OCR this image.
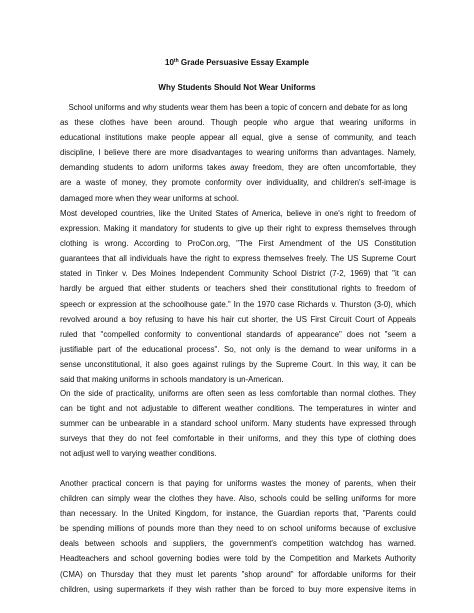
10th Grade Persuasive Essay Example
Why Students Should Not Wear Uniforms
School uniforms and why students wear them has been a topic of concern and debate for as long
as these clothes have been around. Though people who argue that wearing uniforms in
educational institutions make people appear all equal, give a sense of community, and teach
discipline, I believe there are more disadvantages to wearing uniforms than advantages. Namely,
demanding students to adorn uniforms takes away freedom, they are often uncomfortable, they
are a waste of money, they promote conformity over individuality, and children's self-image is
damaged more when they wear uniforms at school.
Most developed countries, like the United States of America, believe in one's right to freedom of
expression. Making it mandatory for students to give up their right to express themselves through
clothing is wrong. According to ProCon.org, "The First Amendment of the US Constitution
guarantees that all individuals have the right to express themselves freely. The US Supreme Court
stated in Tinker v. Des Moines Independent Community School District (7-2, 1969) that "it can
hardly be argued that either students or teachers shed their constitutional rights to freedom of
speech or expression at the schoolhouse gate." In the 1970 case Richards v. Thurston (3-0), which
revolved around a boy refusing to have his hair cut shorter, the US First Circuit Court of Appeals
ruled that "compelled conformity to conventional standards of appearance" does not "seem a
justifiable part of the educational process". So, not only is the demand to wear uniforms in a
sense unconstitutional, it also goes against rulings by the Supreme Court. In this way, it can be
said that making uniforms in schools mandatory is un-American.
On the side of practicality, uniforms are often seen as less comfortable than normal clothes. They
can be tight and not adjustable to different weather conditions. The temperatures in winter and
summer can be unbearable in a standard school uniform. Many students have expressed through
surveys that they do not feel comfortable in their uniforms, and they this type of clothing does
not adjust well to varying weather conditions.
Another practical concern is that paying for uniforms wastes the money of parents, when their
children can simply wear the clothes they have. Also, schools could be selling uniforms for more
than necessary. In the United Kingdom, for instance, the Guardian reports that, "Parents could
be spending millions of pounds more than they need to on school uniforms because of exclusive
deals between schools and suppliers, the government's competition watchdog has warned.
Headteachers and school governing bodies were told by the Competition and Markets Authority
(CMA) on Thursday that they must let parents "shop around" for affordable uniforms for their
children, using supermarkets if they wish rather than be forced to buy more expensive items in
